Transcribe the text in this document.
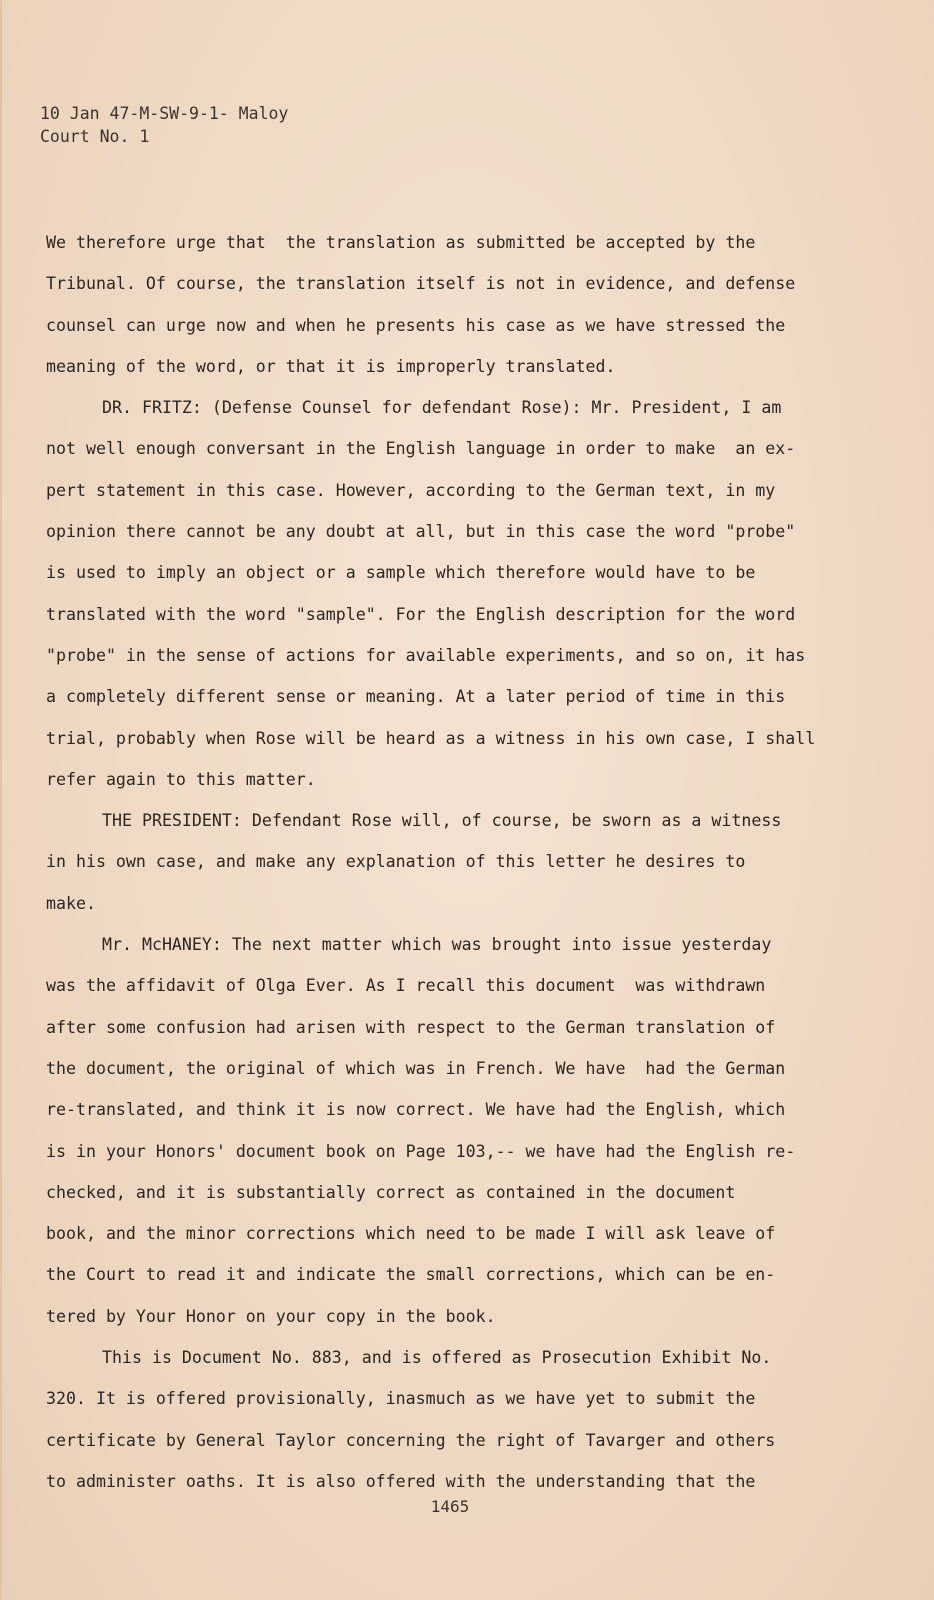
10 Jan 47-M-SW-9-1- Maloy
Court No. 1
We therefore urge that  the translation as submitted be accepted by the
Tribunal. Of course, the translation itself is not in evidence, and defense
counsel can urge now and when he presents his case as we have stressed the
meaning of the word, or that it is improperly translated.
DR. FRITZ: (Defense Counsel for defendant Rose): Mr. President, I am
not well enough conversant in the English language in order to make  an ex-
pert statement in this case. However, according to the German text, in my
opinion there cannot be any doubt at all, but in this case the word "probe"
is used to imply an object or a sample which therefore would have to be
translated with the word "sample". For the English description for the word
"probe" in the sense of actions for available experiments, and so on, it has
a completely different sense or meaning. At a later period of time in this
trial, probably when Rose will be heard as a witness in his own case, I shall
refer again to this matter.
THE PRESIDENT: Defendant Rose will, of course, be sworn as a witness
in his own case, and make any explanation of this letter he desires to
make.
Mr. McHANEY: The next matter which was brought into issue yesterday
was the affidavit of Olga Ever. As I recall this document  was withdrawn
after some confusion had arisen with respect to the German translation of
the document, the original of which was in French. We have  had the German
re-translated, and think it is now correct. We have had the English, which
is in your Honors' document book on Page 103,-- we have had the English re-
checked, and it is substantially correct as contained in the document
book, and the minor corrections which need to be made I will ask leave of
the Court to read it and indicate the small corrections, which can be en-
tered by Your Honor on your copy in the book.
This is Document No. 883, and is offered as Prosecution Exhibit No.
320. It is offered provisionally, inasmuch as we have yet to submit the
certificate by General Taylor concerning the right of Tavarger and others
to administer oaths. It is also offered with the understanding that the
1465
